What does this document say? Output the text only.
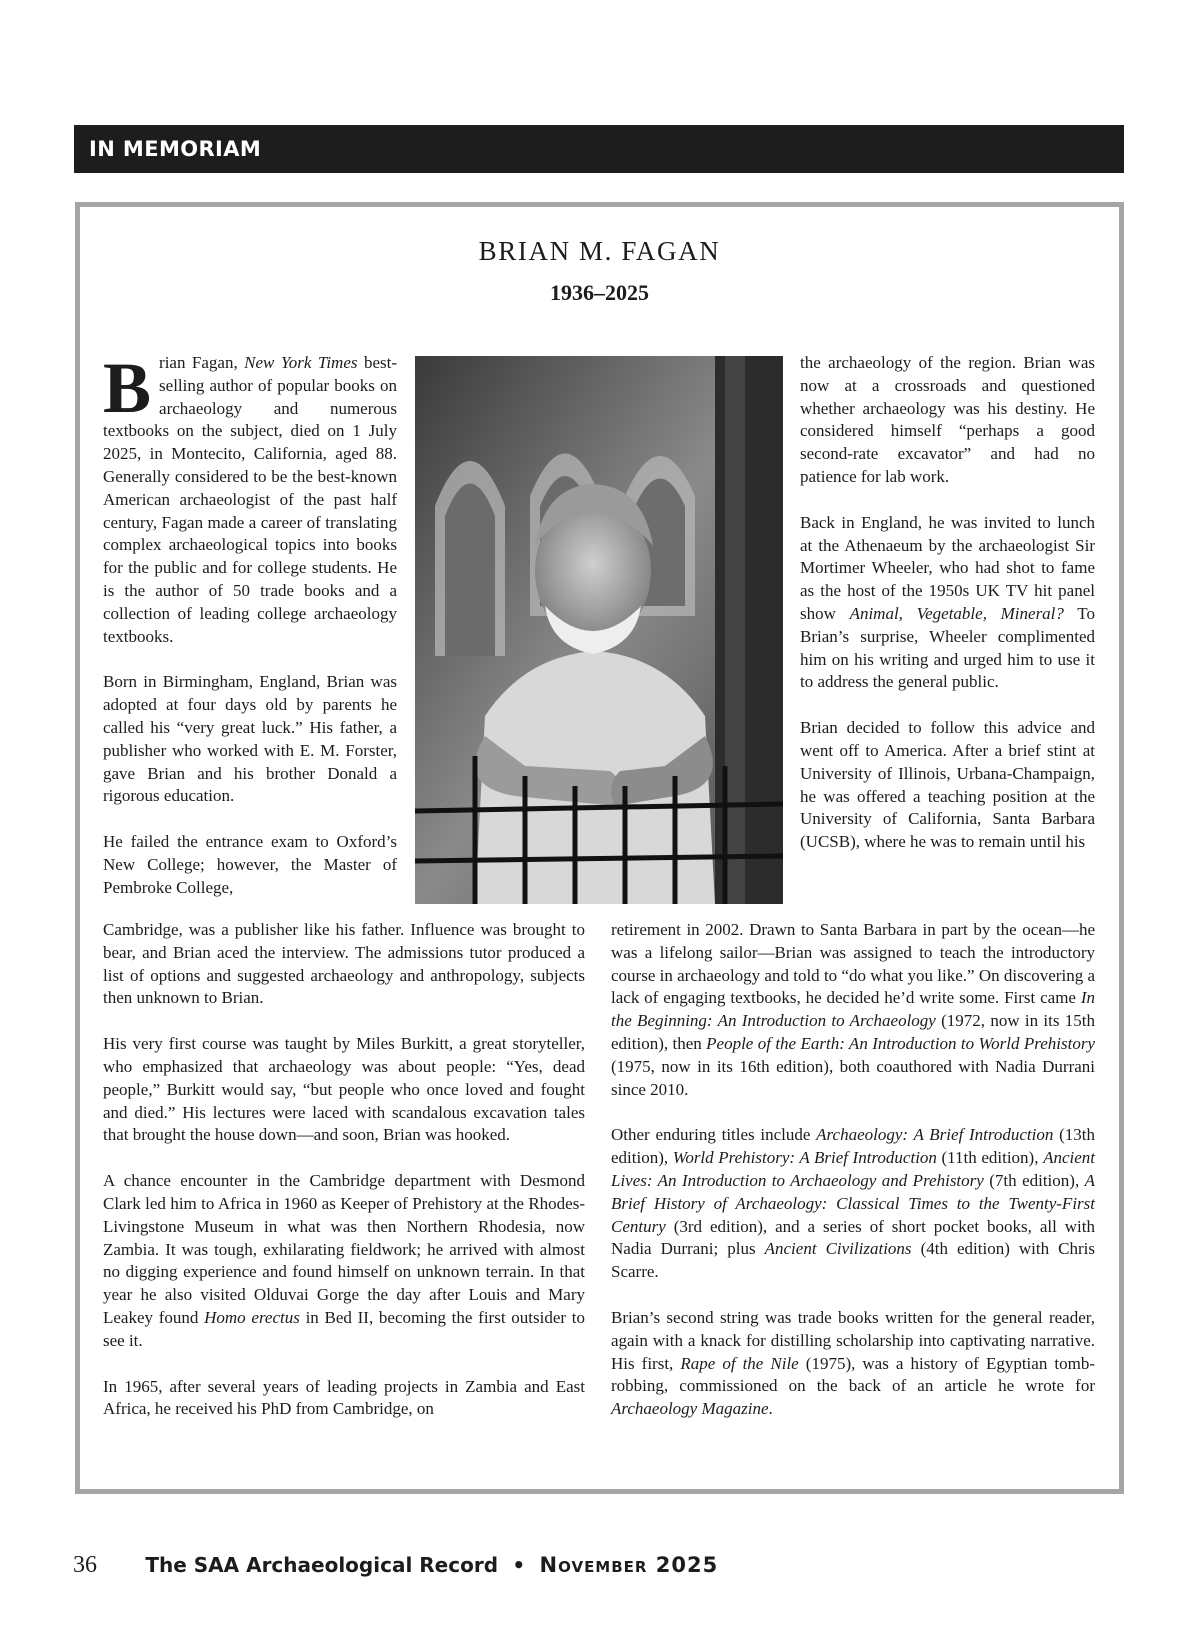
IN MEMORIAM
BRIAN M. FAGAN
1936–2025

Brian Fagan, New York Times best-selling author of popular books on archaeology and numerous textbooks on the subject, died on 1 July 2025, in Montecito, California, aged 88. Generally considered to be the best-known American archaeologist of the past half century, Fagan made a career of translating complex archaeological topics into books for the public and for college students. He is the author of 50 trade books and a collection of leading college archaeology textbooks.

Born in Birmingham, England, Brian was adopted at four days old by parents he called his “very great luck.” His father, a publisher who worked with E. M. Forster, gave Brian and his brother Donald a rigorous education.

He failed the entrance exam to Oxford’s New College; however, the Master of Pembroke College,

Cambridge, was a publisher like his father. Influence was brought to bear, and Brian aced the interview. The admissions tutor produced a list of options and suggested archaeology and anthropology, subjects then unknown to Brian.

His very first course was taught by Miles Burkitt, a great storyteller, who emphasized that archaeology was about people: “Yes, dead people,” Burkitt would say, “but people who once loved and fought and died.” His lectures were laced with scandalous excavation tales that brought the house down—and soon, Brian was hooked.

A chance encounter in the Cambridge department with Desmond Clark led him to Africa in 1960 as Keeper of Prehistory at the Rhodes-Livingstone Museum in what was then Northern Rhodesia, now Zambia. It was tough, exhilarating fieldwork; he arrived with almost no digging experience and found himself on unknown terrain. In that year he also visited Olduvai Gorge the day after Louis and Mary Leakey found Homo erectus in Bed II, becoming the first outsider to see it.

In 1965, after several years of leading projects in Zambia and East Africa, he received his PhD from Cambridge, on

the archaeology of the region. Brian was now at a crossroads and questioned whether archaeology was his destiny. He considered himself “perhaps a good second-rate excavator” and had no patience for lab work.

Back in England, he was invited to lunch at the Athenaeum by the archaeologist Sir Mortimer Wheeler, who had shot to fame as the host of the 1950s UK TV hit panel show Animal, Vegetable, Mineral? To Brian’s surprise, Wheeler complimented him on his writing and urged him to use it to address the general public.

Brian decided to follow this advice and went off to America. After a brief stint at University of Illinois, Urbana-Champaign, he was offered a teaching position at the University of California, Santa Barbara (UCSB), where he was to remain until his

retirement in 2002. Drawn to Santa Barbara in part by the ocean—he was a lifelong sailor—Brian was assigned to teach the introductory course in archaeology and told to “do what you like.” On discovering a lack of engaging textbooks, he decided he’d write some. First came In the Beginning: An Introduction to Archaeology (1972, now in its 15th edition), then People of the Earth: An Introduction to World Prehistory (1975, now in its 16th edition), both coauthored with Nadia Durrani since 2010.

Other enduring titles include Archaeology: A Brief Introduction (13th edition), World Prehistory: A Brief Introduction (11th edition), Ancient Lives: An Introduction to Archaeology and Prehistory (7th edition), A Brief History of Archaeology: Classical Times to the Twenty-First Century (3rd edition), and a series of short pocket books, all with Nadia Durrani; plus Ancient Civilizations (4th edition) with Chris Scarre.

Brian’s second string was trade books written for the general reader, again with a knack for distilling scholarship into captivating narrative. His first, Rape of the Nile (1975), was a history of Egyptian tomb-robbing, commissioned on the back of an article he wrote for Archaeology Magazine.

36 The SAA Archaeological Record • November 2025
